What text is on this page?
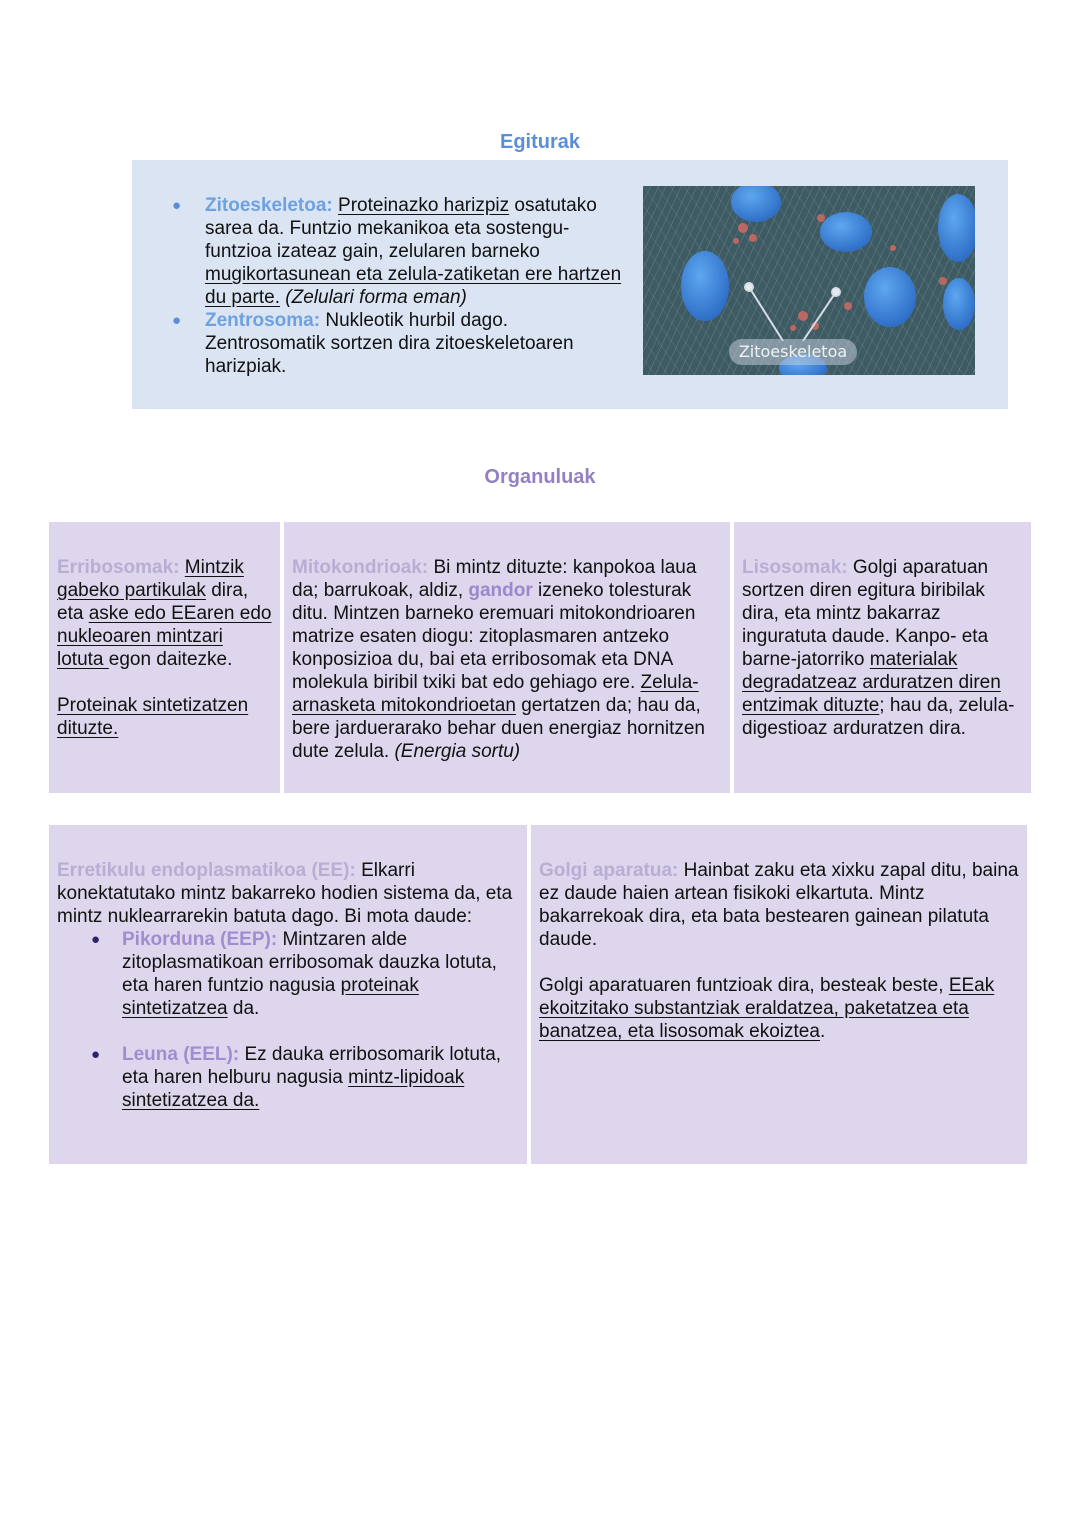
Egiturak
● Zitoeskeletoa: Proteinazko harizpiz osatutako sarea da. Funtzio mekanikoa eta sostengu-funtzioa izateaz gain, zelularen barneko mugikortasunean eta zelula-zatiketan ere hartzen du parte. (Zelulari forma eman)
● Zentrosoma: Nukleotik hurbil dago. Zentrosomatik sortzen dira zitoeskeletoaren harizpiak.
Zitoeskeletoa
Organuluak

Erribosomak: Mintzik gabeko partikulak dira, eta aske edo EEaren edo nukleoaren mintzari lotuta egon daitezke.

Proteinak sintetizatzen dituzte.

Mitokondrioak: Bi mintz dituzte: kanpokoa laua da; barrukoak, aldiz, gandor izeneko tolesturak ditu. Mintzen barneko eremuari mitokondrioaren matrize esaten diogu: zitoplasmaren antzeko konposizioa du, bai eta erribosomak eta DNA molekula biribil txiki bat edo gehiago ere. Zelula-arnasketa mitokondrioetan gertatzen da; hau da, bere jarduerarako behar duen energiaz hornitzen dute zelula. (Energia sortu)

Lisosomak: Golgi aparatuan sortzen diren egitura biribilak dira, eta mintz bakarraz inguratuta daude. Kanpo- eta barne-jatorriko materialak degradatzeaz arduratzen diren entzimak dituzte; hau da, zelula-digestioaz arduratzen dira.

Erretikulu endoplasmatikoa (EE): Elkarri konektatutako mintz bakarreko hodien sistema da, eta mintz nuklearrarekin batuta dago. Bi mota daude:

● Pikorduna (EEP): Mintzaren alde zitoplasmatikoan erribosomak dauzka lotuta, eta haren funtzio nagusia proteinak sintetizatzea da.
● Leuna (EEL): Ez dauka erribosomarik lotuta, eta haren helburu nagusia mintz-lipidoak sintetizatzea da.

Golgi aparatua: Hainbat zaku eta xixku zapal ditu, baina ez daude haien artean fisikoki elkartuta. Mintz bakarrekoak dira, eta bata bestearen gainean pilatuta daude.

Golgi aparatuaren funtzioak dira, besteak beste, EEak ekoitzitako substantziak eraldatzea, paketatzea eta banatzea, eta lisosomak ekoiztea.
